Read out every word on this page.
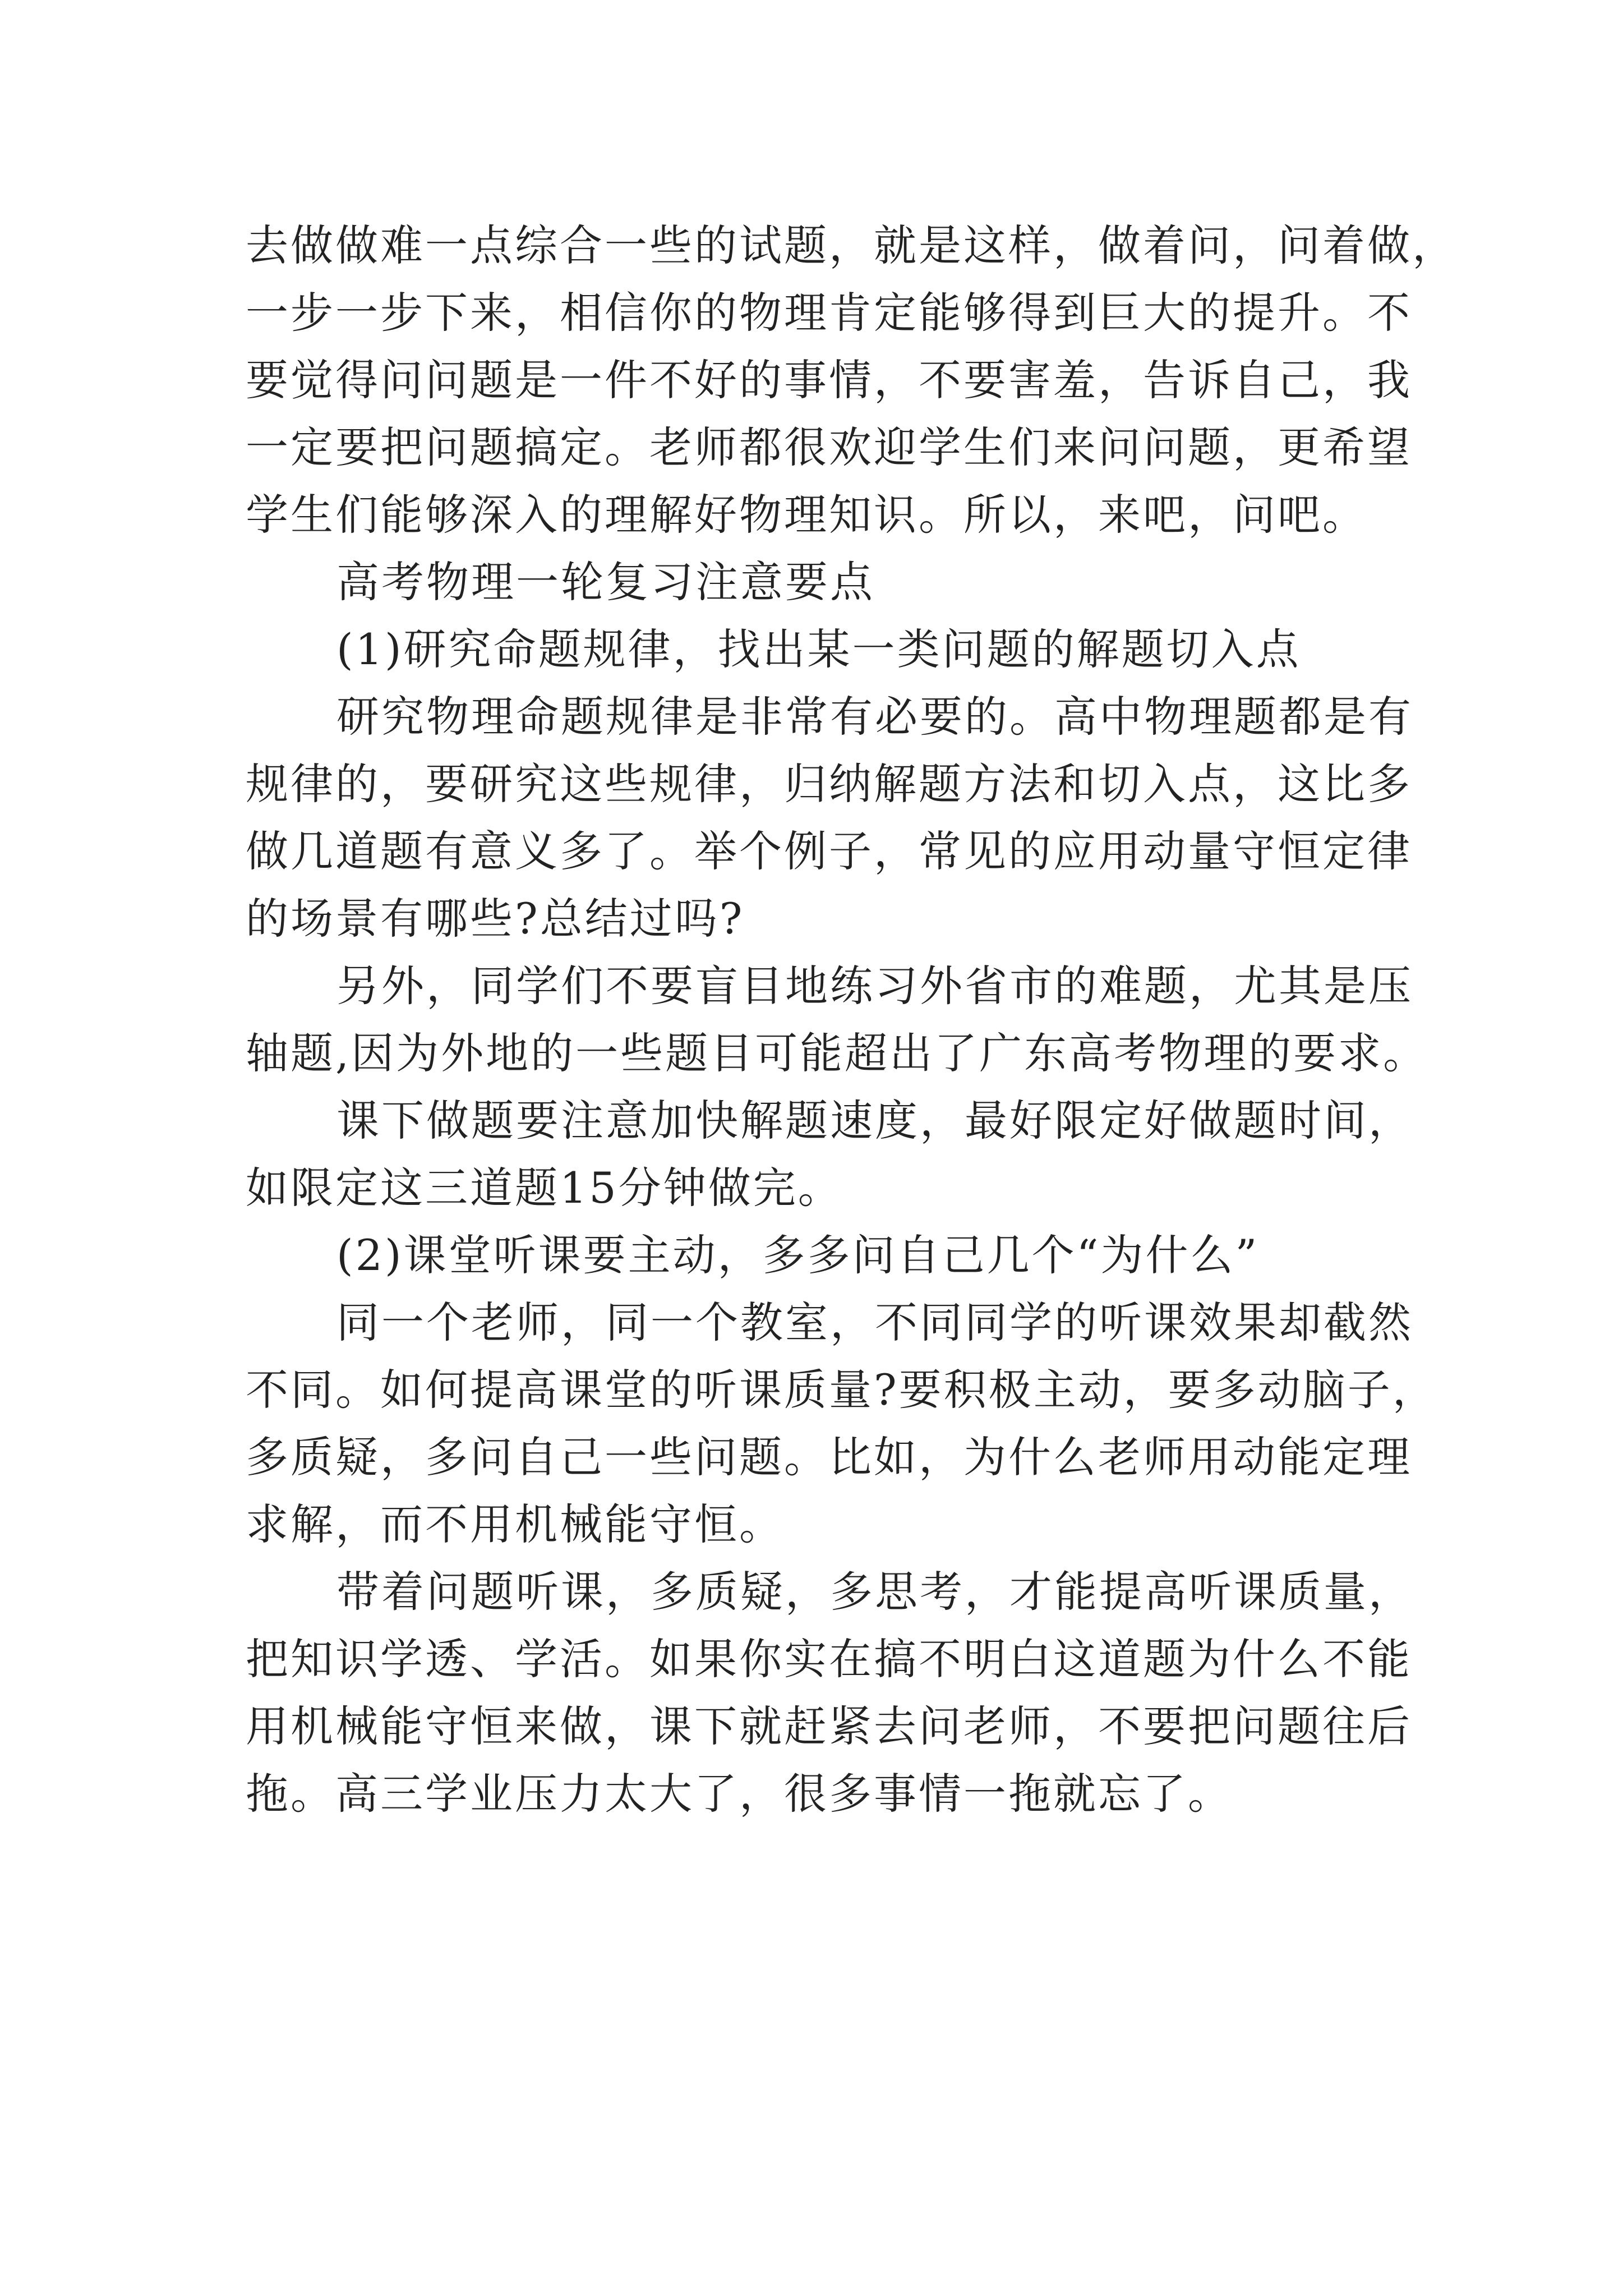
去做做难一点综合一些的试题，就是这样，做着问，问着做，
一步一步下来，相信你的物理肯定能够得到巨大的提升。不
要觉得问问题是一件不好的事情，不要害羞，告诉自己，我
一定要把问题搞定。老师都很欢迎学生们来问问题，更希望
学生们能够深入的理解好物理知识。所以，来吧，问吧。
高考物理一轮复习注意要点
(1)研究命题规律，找出某一类问题的解题切入点
研究物理命题规律是非常有必要的。高中物理题都是有
规律的，要研究这些规律，归纳解题方法和切入点，这比多
做几道题有意义多了。举个例子，常见的应用动量守恒定律
的场景有哪些?总结过吗?
另外，同学们不要盲目地练习外省市的难题，尤其是压
轴题,因为外地的一些题目可能超出了广东高考物理的要求。
课下做题要注意加快解题速度，最好限定好做题时间，
如限定这三道题15分钟做完。
(2)课堂听课要主动，多多问自己几个“为什么”
同一个老师，同一个教室，不同同学的听课效果却截然
不同。如何提高课堂的听课质量?要积极主动，要多动脑子，
多质疑，多问自己一些问题。比如，为什么老师用动能定理
求解，而不用机械能守恒。
带着问题听课，多质疑，多思考，才能提高听课质量，
把知识学透、学活。如果你实在搞不明白这道题为什么不能
用机械能守恒来做，课下就赶紧去问老师，不要把问题往后
拖。高三学业压力太大了，很多事情一拖就忘了。
